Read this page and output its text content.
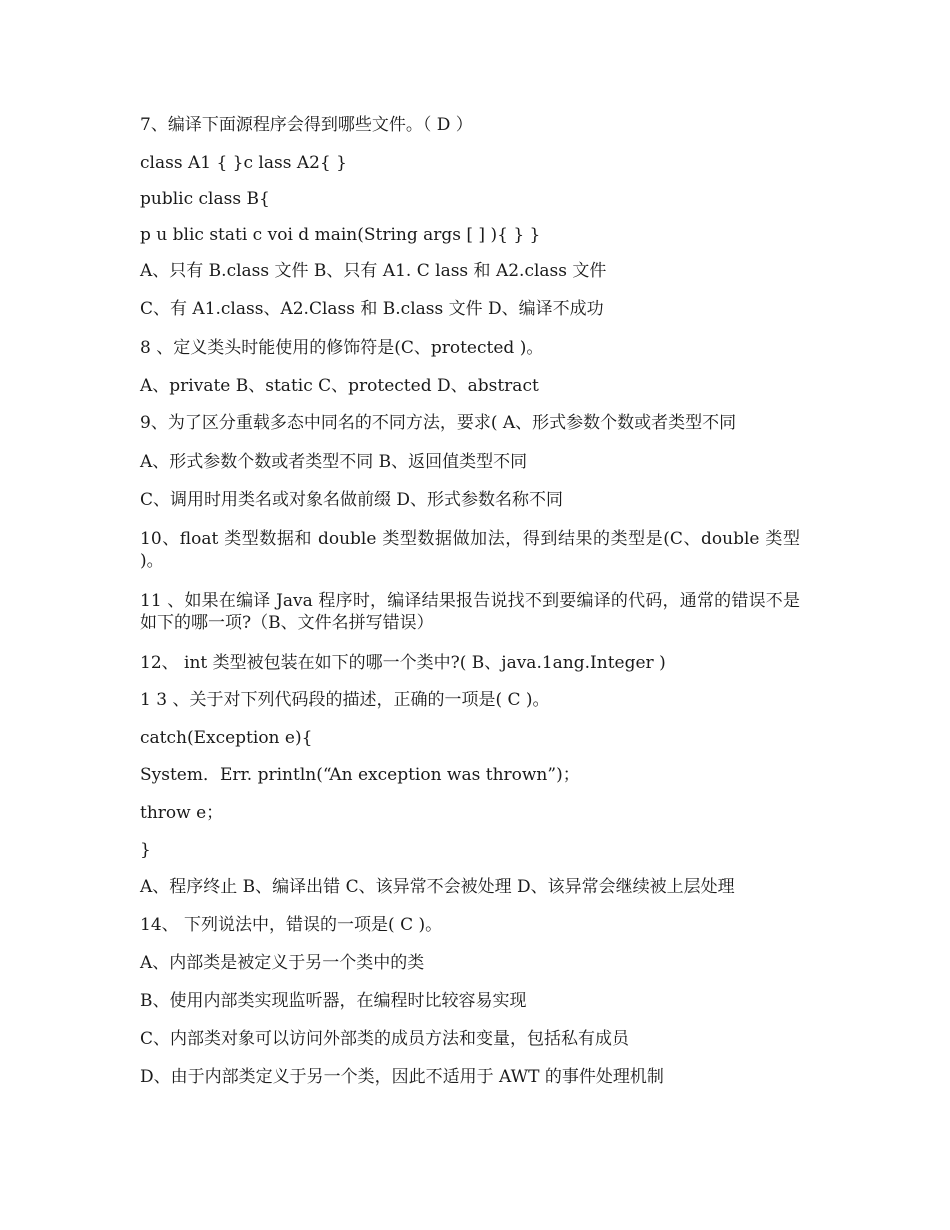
7、编译下面源程序会得到哪些文件。（ D ）
class A1 { }c lass A2{ }
public class B{
p u blic stati c voi d main(String args [ ] ){ } }
A、只有 B.class 文件 B、只有 A1. C lass 和 A2.class 文件
C、有 A1.class、A2.Class 和 B.class 文件 D、编译不成功
8 、定义类头时能使用的修饰符是(C、protected )。
A、private B、static C、protected D、abstract
9、为了区分重载多态中同名的不同方法，要求( A、形式参数个数或者类型不同
A、形式参数个数或者类型不同 B、返回值类型不同
C、调用时用类名或对象名做前缀 D、形式参数名称不同
10、float 类型数据和 double 类型数据做加法，得到结果的类型是(C、double 类型 )。
11 、如果在编译 Java 程序时，编译结果报告说找不到要编译的代码，通常的错误不是如下的哪一项?（B、文件名拼写错误）
12、 int 类型被包装在如下的哪一个类中?( B、java.1ang.Integer )
1 3 、关于对下列代码段的描述，正确的一项是( C )。
catch(Exception e){
System．Err. println(“An exception was thrown”)；
throw e；
}
A、程序终止 B、编译出错 C、该异常不会被处理 D、该异常会继续被上层处理
14、 下列说法中，错误的一项是( C )。
A、内部类是被定义于另一个类中的类
B、使用内部类实现监听器，在编程时比较容易实现
C、内部类对象可以访问外部类的成员方法和变量，包括私有成员
D、由于内部类定义于另一个类，因此不适用于 AWT 的事件处理机制
